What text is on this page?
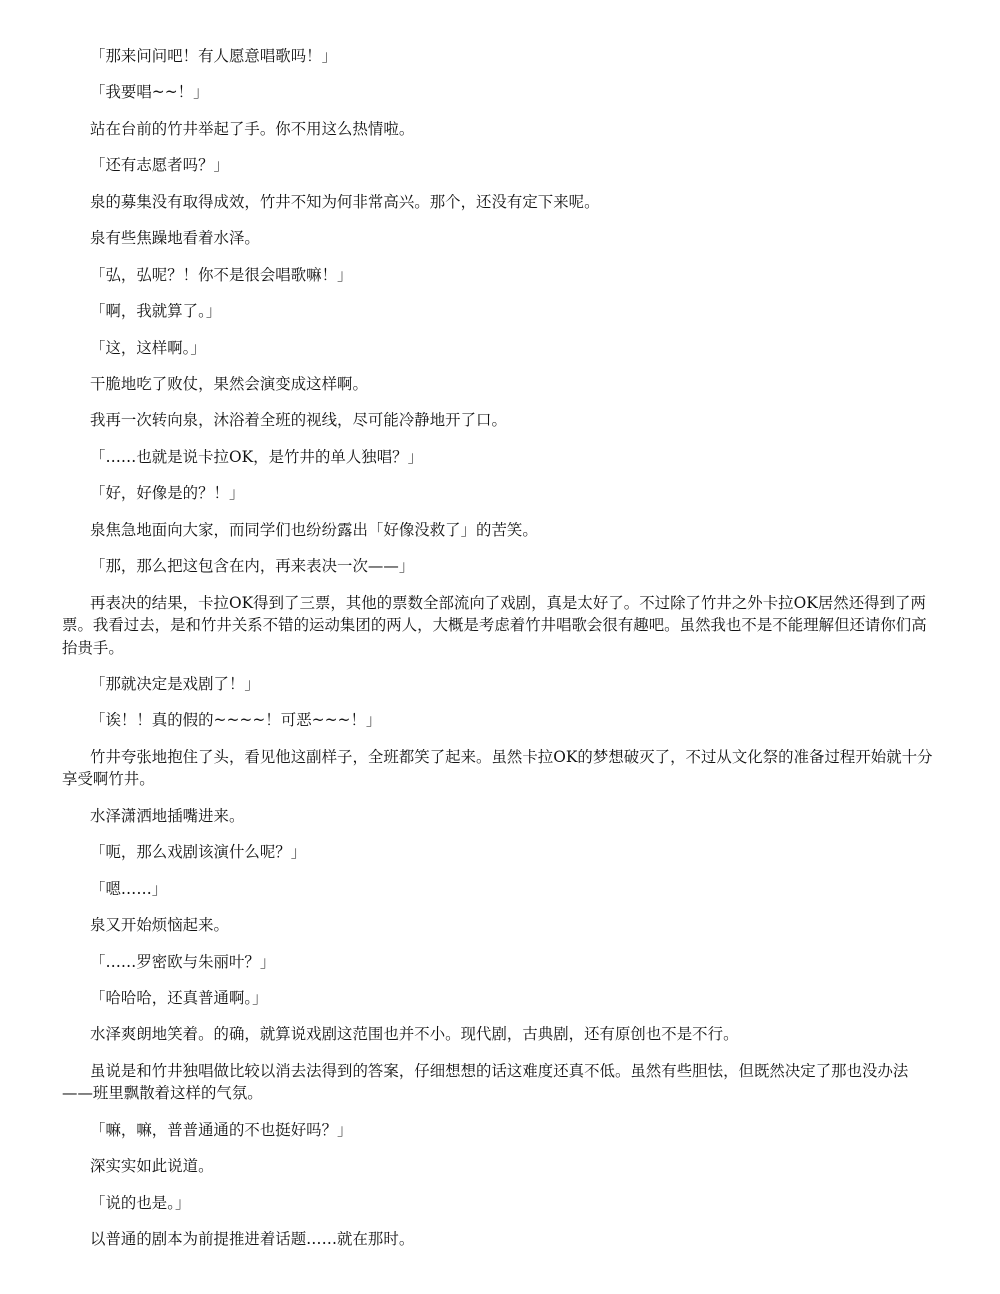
「那来问问吧！有人愿意唱歌吗！」

「我要唱~~！」

站在台前的竹井举起了手。你不用这么热情啦。

「还有志愿者吗？」

泉的募集没有取得成效，竹井不知为何非常高兴。那个，还没有定下来呢。

泉有些焦躁地看着水泽。

「弘，弘呢？！你不是很会唱歌嘛！」

「啊，我就算了。」

「这，这样啊。」

干脆地吃了败仗，果然会演变成这样啊。

我再一次转向泉，沐浴着全班的视线，尽可能冷静地开了口。

「……也就是说卡拉OK，是竹井的单人独唱？」

「好，好像是的？！」

泉焦急地面向大家，而同学们也纷纷露出「好像没救了」的苦笑。

「那，那么把这包含在内，再来表决一次——」

再表决的结果，卡拉OK得到了三票，其他的票数全部流向了戏剧，真是太好了。不过除了竹井之外卡拉OK居然还得到了两票。我看过去，是和竹井关系不错的运动集团的两人，大概是考虑着竹井唱歌会很有趣吧。虽然我也不是不能理解但还请你们高抬贵手。

「那就决定是戏剧了！」

「诶！！真的假的~~~~！可恶~~~！」

竹井夸张地抱住了头，看见他这副样子，全班都笑了起来。虽然卡拉OK的梦想破灭了，不过从文化祭的准备过程开始就十分享受啊竹井。

水泽潇洒地插嘴进来。

「呃，那么戏剧该演什么呢？」

「嗯……」

泉又开始烦恼起来。

「……罗密欧与朱丽叶？」

「哈哈哈，还真普通啊。」

水泽爽朗地笑着。的确，就算说戏剧这范围也并不小。现代剧，古典剧，还有原创也不是不行。

虽说是和竹井独唱做比较以消去法得到的答案，仔细想想的话这难度还真不低。虽然有些胆怯，但既然决定了那也没办法——班里飘散着这样的气氛。

「嘛，嘛，普普通通的不也挺好吗？」

深实实如此说道。

「说的也是。」

以普通的剧本为前提推进着话题……就在那时。
